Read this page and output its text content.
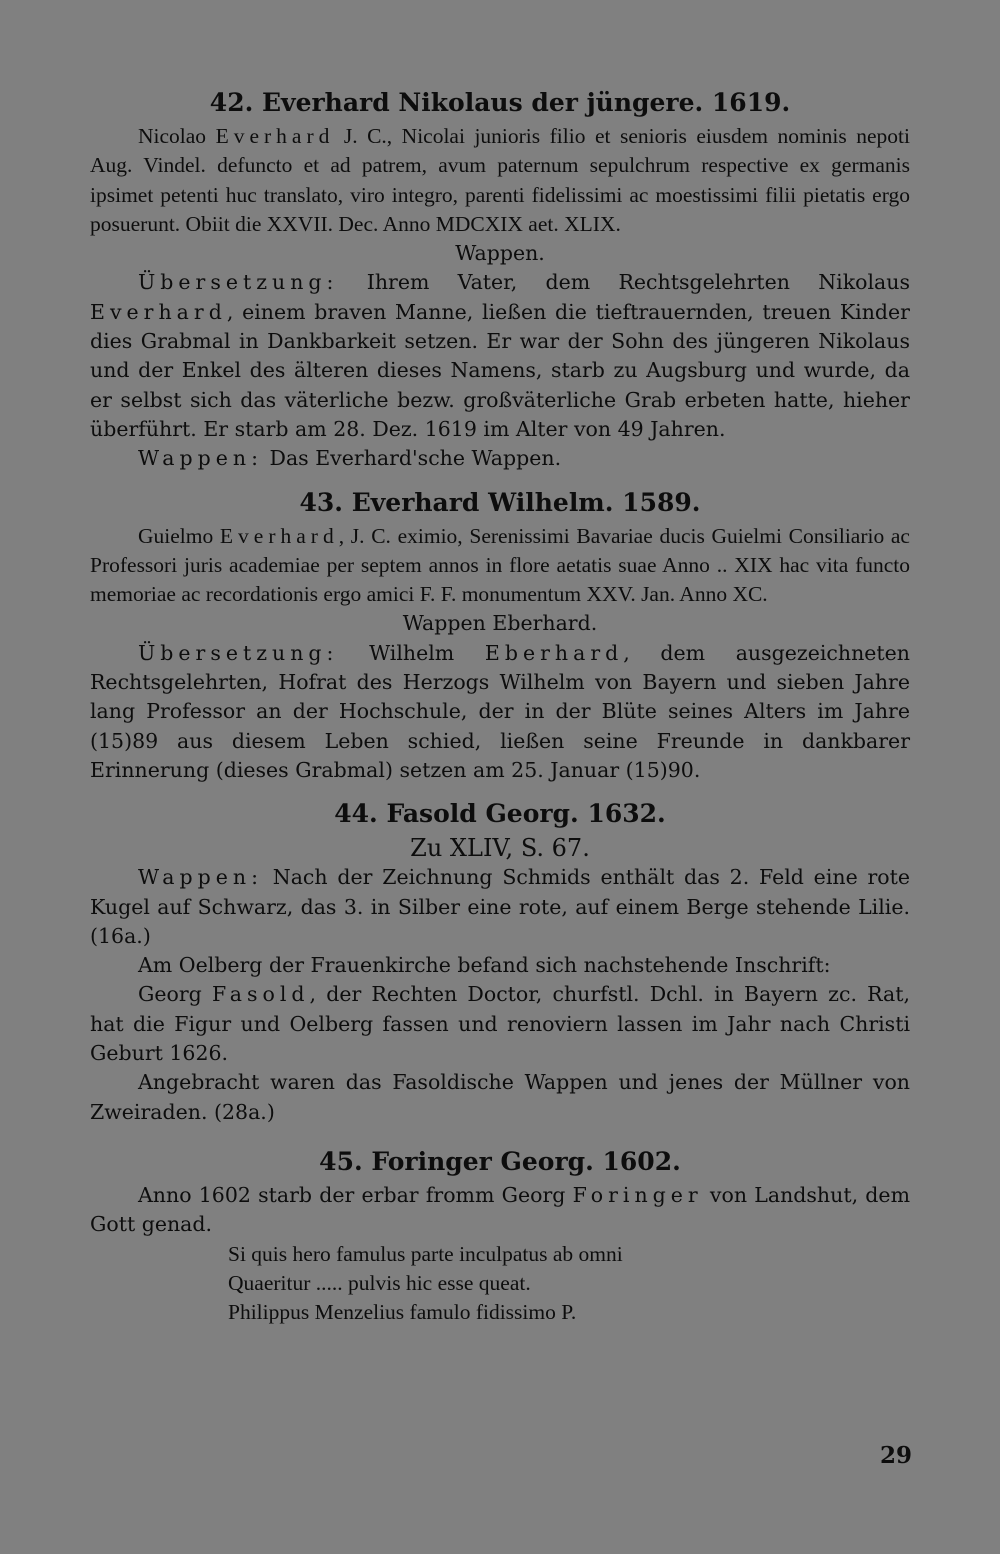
42. Everhard Nikolaus der jüngere. 1619.

Nicolao Everhard J. C., Nicolai junioris filio et senioris eiusdem nominis nepoti Aug. Vindel. defuncto et ad patrem, avum paternum sepulchrum respective ex germanis ipsimet petenti huc translato, viro integro, parenti fidelissimi ac moestissimi filii pietatis ergo posuerunt. Obiit die XXVII. Dec. Anno MDCXIX aet. XLIX.

Wappen.

Übersetzung: Ihrem Vater, dem Rechtsgelehrten Nikolaus Everhard, einem braven Manne, ließen die tieftrauernden, treuen Kinder dies Grabmal in Dankbarkeit setzen. Er war der Sohn des jüngeren Nikolaus und der Enkel des älteren dieses Namens, starb zu Augsburg und wurde, da er selbst sich das väterliche bezw. großväterliche Grab erbeten hatte, hieher überführt. Er starb am 28. Dez. 1619 im Alter von 49 Jahren.

Wappen: Das Everhard'sche Wappen.

43. Everhard Wilhelm. 1589.

Guielmo Everhard, J. C. eximio, Serenissimi Bavariae ducis Guielmi Consiliario ac Professori juris academiae per septem annos in flore aetatis suae Anno .. XIX hac vita functo memoriae ac recordationis ergo amici F. F. monumentum XXV. Jan. Anno XC.

Wappen Eberhard.

Übersetzung: Wilhelm Eberhard, dem ausgezeichneten Rechtsgelehrten, Hofrat des Herzogs Wilhelm von Bayern und sieben Jahre lang Professor an der Hochschule, der in der Blüte seines Alters im Jahre (15)89 aus diesem Leben schied, ließen seine Freunde in dankbarer Erinnerung (dieses Grabmal) setzen am 25. Januar (15)90.

44. Fasold Georg. 1632.
Zu XLIV, S. 67.

Wappen: Nach der Zeichnung Schmids enthält das 2. Feld eine rote Kugel auf Schwarz, das 3. in Silber eine rote, auf einem Berge stehende Lilie. (16a.)

Am Oelberg der Frauenkirche befand sich nachstehende Inschrift:

Georg Fasold, der Rechten Doctor, churfstl. Dchl. in Bayern zc. Rat, hat die Figur und Oelberg fassen und renoviern lassen im Jahr nach Christi Geburt 1626.

Angebracht waren das Fasoldische Wappen und jenes der Müllner von Zweiraden. (28a.)

45. Foringer Georg. 1602.

Anno 1602 starb der erbar fromm Georg Foringer von Landshut, dem Gott genad.

Si quis hero famulus parte inculpatus ab omni
Quaeritur ..... pulvis hic esse queat.
Philippus Menzelius famulo fidissimo P.
29
